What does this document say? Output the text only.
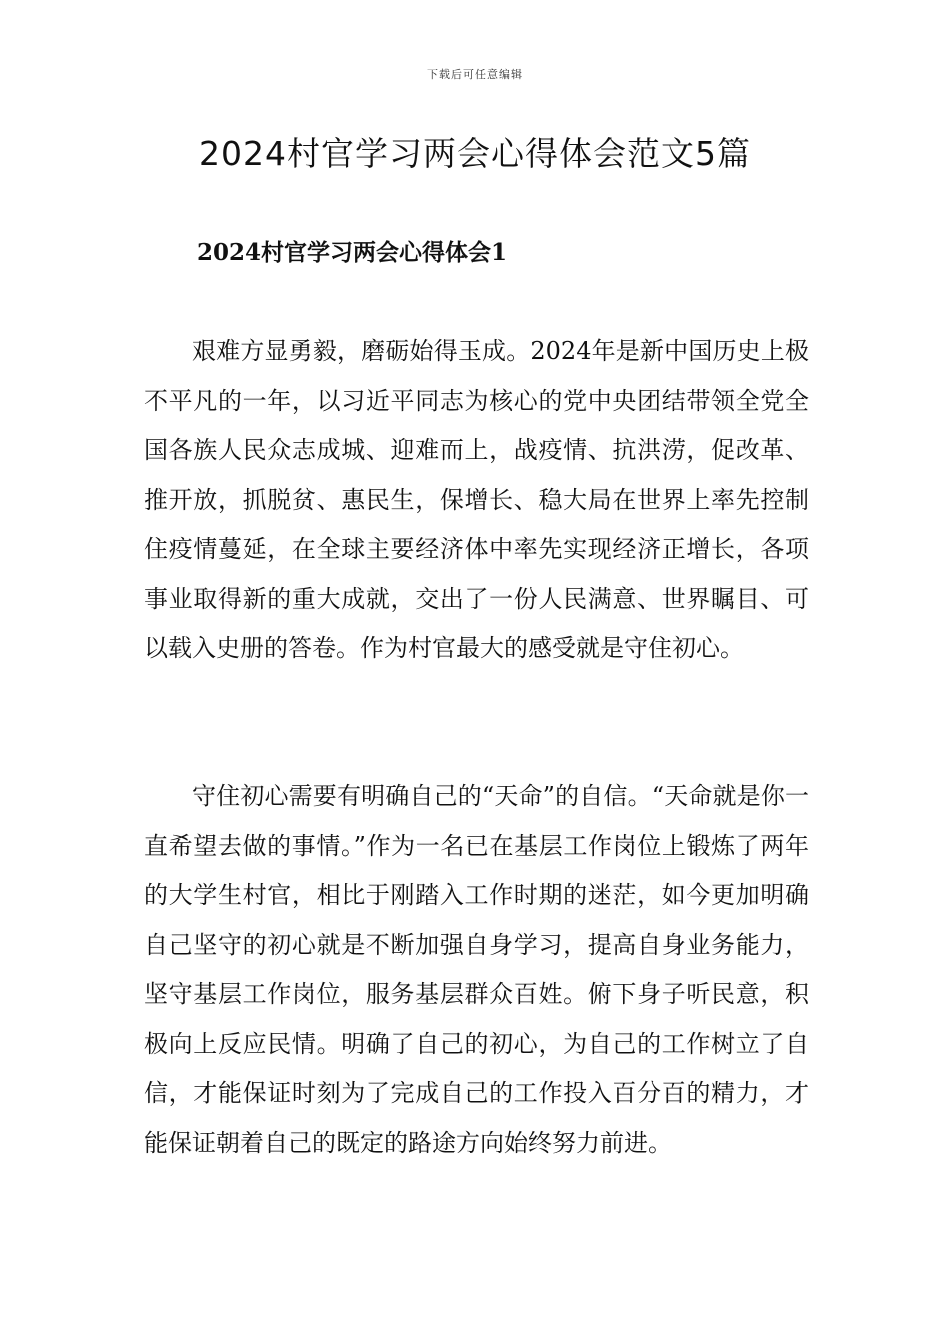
下载后可任意编辑
2024村官学习两会心得体会范文5篇
2024村官学习两会心得体会1

艰难方显勇毅，磨砺始得玉成。2024年是新中国历史上极不平凡的一年，以习近平同志为核心的党中央团结带领全党全国各族人民众志成城、迎难而上，战疫情、抗洪涝，促改革、推开放，抓脱贫、惠民生，保增长、稳大局在世界上率先控制住疫情蔓延，在全球主要经济体中率先实现经济正增长，各项事业取得新的重大成就，交出了一份人民满意、世界瞩目、可以载入史册的答卷。作为村官最大的感受就是守住初心。

守住初心需要有明确自己的“天命”的自信。“天命就是你一直希望去做的事情。”作为一名已在基层工作岗位上锻炼了两年的大学生村官，相比于刚踏入工作时期的迷茫，如今更加明确自己坚守的初心就是不断加强自身学习，提高自身业务能力，坚守基层工作岗位，服务基层群众百姓。俯下身子听民意，积极向上反应民情。明确了自己的初心，为自己的工作树立了自信，才能保证时刻为了完成自己的工作投入百分百的精力，才能保证朝着自己的既定的路途方向始终努力前进。
